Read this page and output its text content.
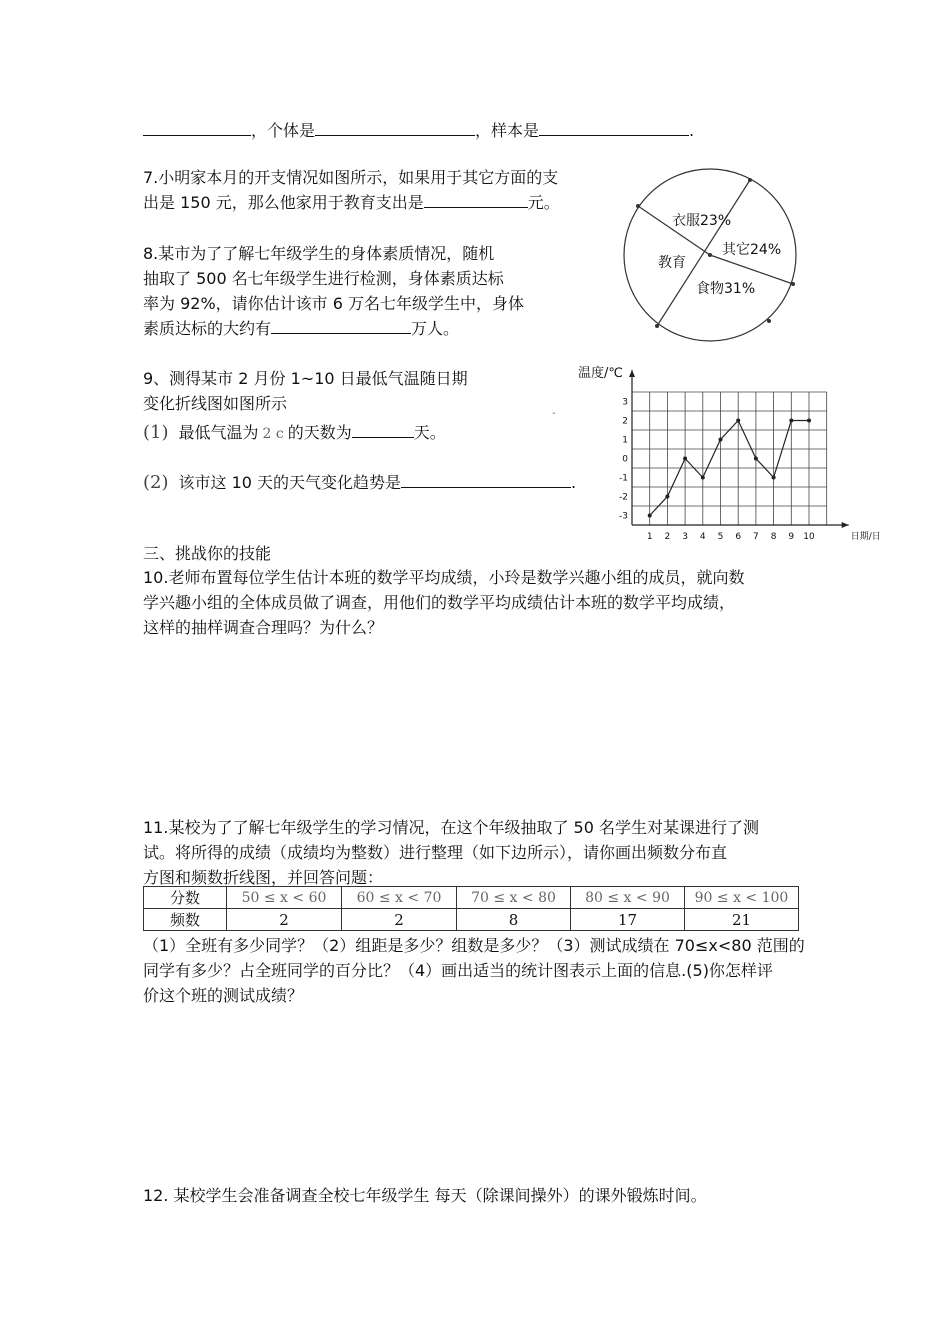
，个体是	，样本是	.
7.小明家本月的开支情况如图所示，如果用于其它方面的支
出是 150 元，那么他家用于教育支出是	元。
衣服23%
其它24%
食物31%
教育
8.某市为了了解七年级学生的身体素质情况，随机
抽取了 500 名七年级学生进行检测，身体素质达标
率为 92%，请你估计该市 6 万名七年级学生中，身体
素质达标的大约有	万人。
9、测得某市 2 月份 1~10 日最低气温随日期
变化折线图如图所示
(1) 最低气温为 2 c 的天数为	天。
(2) 该市这 10 天的天气变化趋势是	.
温度/℃
-
3
2
1
0
-1
-2
-3
1 2 3 4 5 6 7 8 9 10	日期/日
三、挑战你的技能
10.老师布置每位学生估计本班的数学平均成绩，小玲是数学兴趣小组的成员，就向数
学兴趣小组的全体成员做了调查，用他们的数学平均成绩估计本班的数学平均成绩，
这样的抽样调查合理吗？为什么？
11.某校为了了解七年级学生的学习情况，在这个年级抽取了 50 名学生对某课进行了测
试。将所得的成绩（成绩均为整数）进行整理（如下边所示），请你画出频数分布直
方图和频数折线图，并回答问题：
分数	50 ≤ x < 60	60 ≤ x < 70	70 ≤ x < 80	80 ≤ x < 90	90 ≤ x < 100
频数	2	2	8	17	21
（1）全班有多少同学？（2）组距是多少？组数是多少？（3）测试成绩在 70≤x<80 范围的
同学有多少？占全班同学的百分比？（4）画出适当的统计图表示上面的信息.(5)你怎样评
价这个班的测试成绩？
12. 某校学生会准备调查全校七年级学生 每天（除课间操外）的课外锻炼时间。
